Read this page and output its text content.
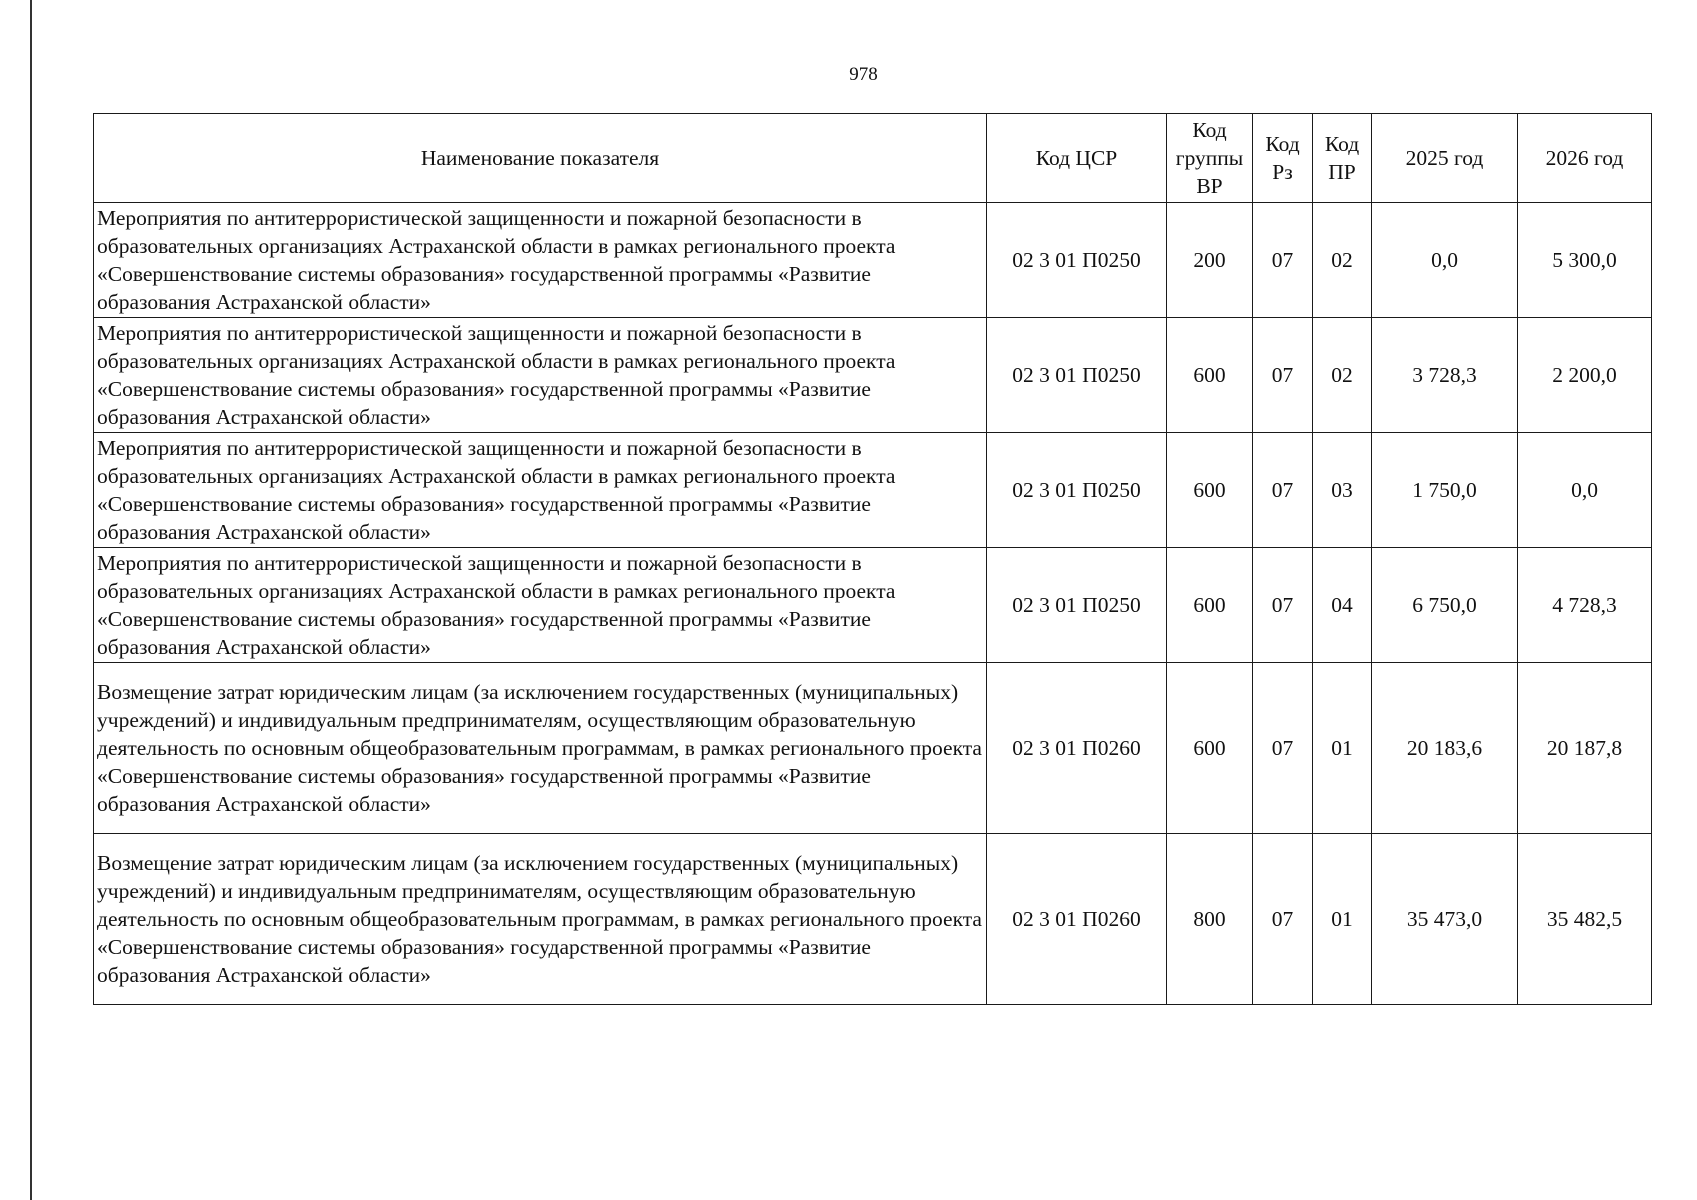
978
Наименование показателя	Код ЦСР	Код группы ВР	Код Рз	Код ПР	2025 год	2026 год
Мероприятия по антитеррористической защищенности и пожарной безопасности в образовательных организациях Астраханской области в рамках регионального проекта «Совершенствование системы образования» государственной программы «Развитие образования Астраханской области»	02 3 01 П0250	200	07	02	0,0	5 300,0
Мероприятия по антитеррористической защищенности и пожарной безопасности в образовательных организациях Астраханской области в рамках регионального проекта «Совершенствование системы образования» государственной программы «Развитие образования Астраханской области»	02 3 01 П0250	600	07	02	3 728,3	2 200,0
Мероприятия по антитеррористической защищенности и пожарной безопасности в образовательных организациях Астраханской области в рамках регионального проекта «Совершенствование системы образования» государственной программы «Развитие образования Астраханской области»	02 3 01 П0250	600	07	03	1 750,0	0,0
Мероприятия по антитеррористической защищенности и пожарной безопасности в образовательных организациях Астраханской области в рамках регионального проекта «Совершенствование системы образования» государственной программы «Развитие образования Астраханской области»	02 3 01 П0250	600	07	04	6 750,0	4 728,3
Возмещение затрат юридическим лицам (за исключением государственных (муниципальных) учреждений) и индивидуальным предпринимателям, осуществляющим образовательную деятельность по основным общеобразовательным программам, в рамках регионального проекта «Совершенствование системы образования» государственной программы «Развитие образования Астраханской области»	02 3 01 П0260	600	07	01	20 183,6	20 187,8
Возмещение затрат юридическим лицам (за исключением государственных (муниципальных) учреждений) и индивидуальным предпринимателям, осуществляющим образовательную деятельность по основным общеобразовательным программам, в рамках регионального проекта «Совершенствование системы образования» государственной программы «Развитие образования Астраханской области»	02 3 01 П0260	800	07	01	35 473,0	35 482,5
